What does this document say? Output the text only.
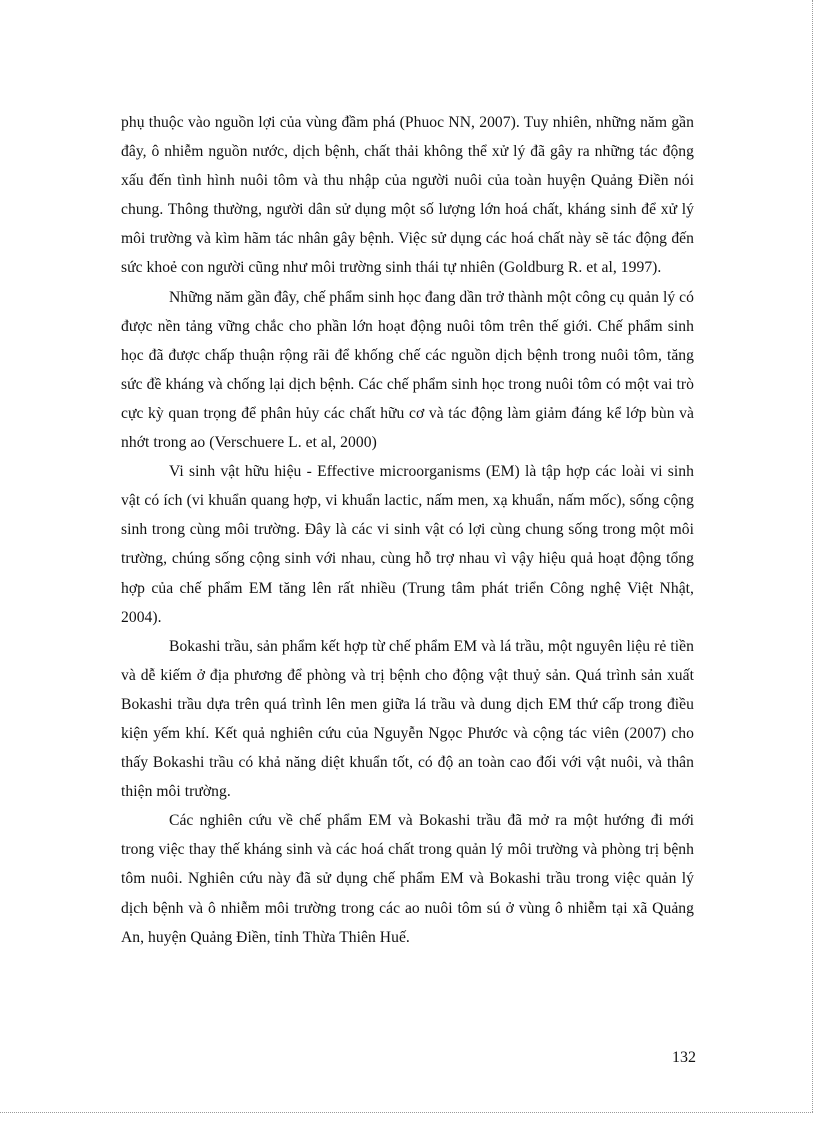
phụ thuộc vào nguồn lợi của vùng đầm phá (Phuoc NN, 2007). Tuy nhiên, những năm gần đây, ô nhiễm nguồn nước, dịch bệnh, chất thải không thể xử lý đã gây ra những tác động xấu đến tình hình nuôi tôm và thu nhập của người nuôi của toàn huyện Quảng Điền nói chung. Thông thường, người dân sử dụng một số lượng lớn hoá chất, kháng sinh để xử lý môi trường và kìm hãm tác nhân gây bệnh. Việc sử dụng các hoá chất này sẽ tác động đến sức khoẻ con người cũng như môi trường sinh thái tự nhiên (Goldburg R. et al, 1997).

Những năm gần đây, chế phẩm sinh học đang dần trở thành một công cụ quản lý có được nền tảng vững chắc cho phần lớn hoạt động nuôi tôm trên thế giới. Chế phẩm sinh học đã được chấp thuận rộng rãi để khống chế các nguồn dịch bệnh trong nuôi tôm, tăng sức đề kháng và chống lại dịch bệnh. Các chế phẩm sinh học trong nuôi tôm có một vai trò cực kỳ quan trọng để phân hủy các chất hữu cơ và tác động làm giảm đáng kể lớp bùn và nhớt trong ao (Verschuere L. et al, 2000)

Vi sinh vật hữu hiệu - Effective microorganisms (EM) là tập hợp các loài vi sinh vật có ích (vi khuẩn quang hợp, vi khuẩn lactic, nấm men, xạ khuẩn, nấm mốc), sống cộng sinh trong cùng môi trường. Đây là các vi sinh vật có lợi cùng chung sống trong một môi trường, chúng sống cộng sinh với nhau, cùng hỗ trợ nhau vì vậy hiệu quả hoạt động tổng hợp của chế phẩm EM tăng lên rất nhiều (Trung tâm phát triển Công nghệ Việt Nhật, 2004).

Bokashi trầu, sản phẩm kết hợp từ chế phẩm EM và lá trầu, một nguyên liệu rẻ tiền và dễ kiếm ở địa phương để phòng và trị bệnh cho động vật thuỷ sản. Quá trình sản xuất Bokashi trầu dựa trên quá trình lên men giữa lá trầu và dung dịch EM thứ cấp trong điều kiện yếm khí. Kết quả nghiên cứu của Nguyễn Ngọc Phước và cộng tác viên (2007) cho thấy Bokashi trầu có khả năng diệt khuẩn tốt, có độ an toàn cao đối với vật nuôi, và thân thiện môi trường.

Các nghiên cứu về chế phẩm EM và Bokashi trầu đã mở ra một hướng đi mới trong việc thay thế kháng sinh và các hoá chất trong quản lý môi trường và phòng trị bệnh tôm nuôi. Nghiên cứu này đã sử dụng chế phẩm EM và Bokashi trầu trong việc quản lý dịch bệnh và ô nhiễm môi trường trong các ao nuôi tôm sú ở vùng ô nhiễm tại xã Quảng An, huyện Quảng Điền, tỉnh Thừa Thiên Huế.

132
